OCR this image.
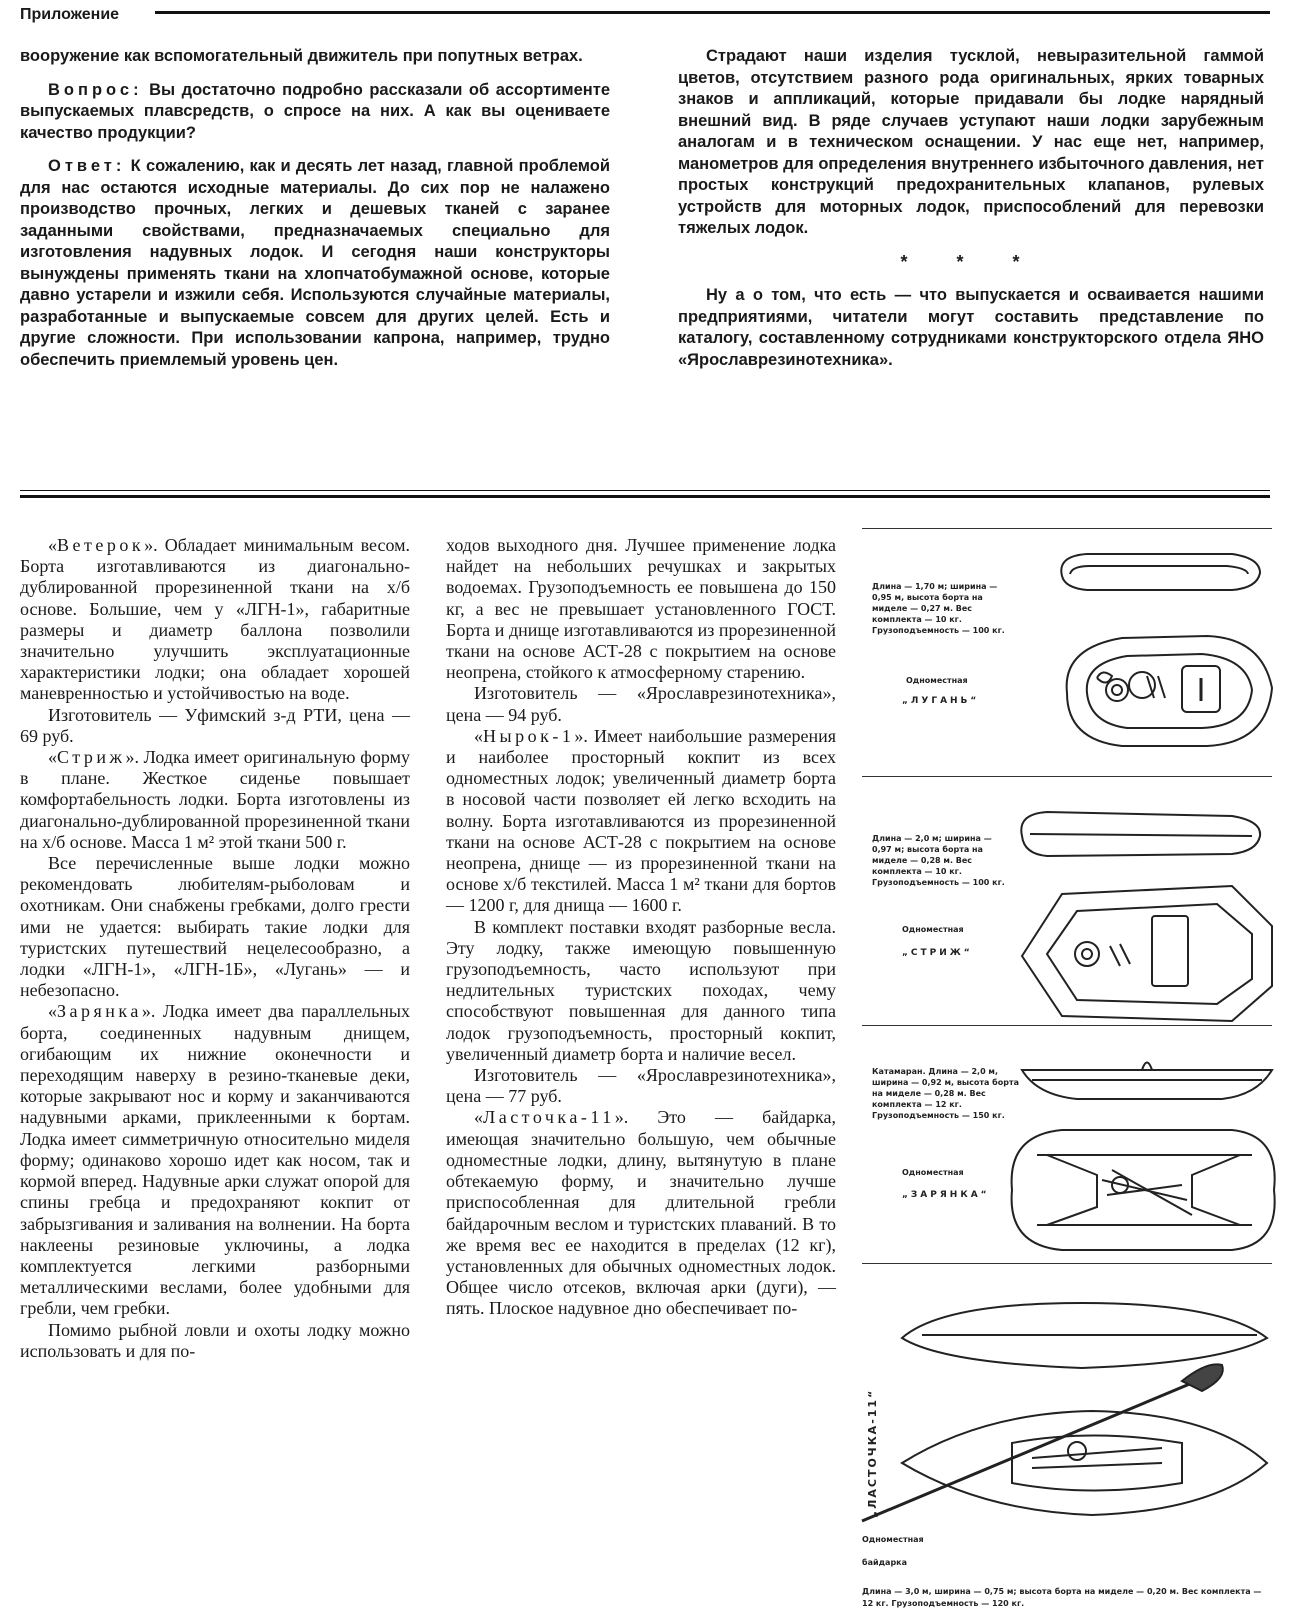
Приложение

вооружение как вспомогательный движитель при попутных ветрах.

Вопрос: Вы достаточно подробно рассказали об ассортименте выпускаемых плавсредств, о спросе на них. А как вы оцениваете качество продукции?

Ответ: К сожалению, как и десять лет назад, главной проблемой для нас остаются исходные материалы. До сих пор не налажено производство прочных, легких и дешевых тканей с заранее заданными свойствами, предназначаемых специально для изготовления надувных лодок. И сегодня наши конструкторы вынуждены применять ткани на хлопчатобумажной основе, которые давно устарели и изжили себя. Используются случайные материалы, разработанные и выпускаемые совсем для других целей. Есть и другие сложности. При использовании капрона, например, трудно обеспечить приемлемый уровень цен.

Страдают наши изделия тусклой, невыразительной гаммой цветов, отсутствием разного рода оригинальных, ярких товарных знаков и аппликаций, которые придавали бы лодке нарядный внешний вид. В ряде случаев уступают наши лодки зарубежным аналогам и в техническом оснащении. У нас еще нет, например, манометров для определения внутреннего избыточного давления, нет простых конструкций предохранительных клапанов, рулевых устройств для моторных лодок, приспособлений для перевозки тяжелых лодок.

* * *

Ну а о том, что есть — что выпускается и осваивается нашими предприятиями, читатели могут составить представление по каталогу, составленному сотрудниками конструкторского отдела ЯНО «Ярославрезинотехника».

«Ветерок». Обладает минимальным весом. Борта изготавливаются из диагонально-дублированной прорезиненной ткани на х/б основе. Большие, чем у «ЛГН-1», габаритные размеры и диаметр баллона позволили значительно улучшить эксплуатационные характеристики лодки; она обладает хорошей маневренностью и устойчивостью на воде.

Изготовитель — Уфимский з-д РТИ, цена — 69 руб.

«Стриж». Лодка имеет оригинальную форму в плане. Жесткое сиденье повышает комфортабельность лодки. Борта изготовлены из диагонально-дублированной прорезиненной ткани на х/б основе. Масса 1 м² этой ткани 500 г.

Все перечисленные выше лодки можно рекомендовать любителям-рыболовам и охотникам. Они снабжены гребками, долго грести ими не удается: выбирать такие лодки для туристских путешествий нецелесообразно, а лодки «ЛГН-1», «ЛГН-1Б», «Лугань» — и небезопасно.

«Зарянка». Лодка имеет два параллельных борта, соединенных надувным днищем, огибающим их нижние оконечности и переходящим наверху в резино-тканевые деки, которые закрывают нос и корму и заканчиваются надувными арками, приклеенными к бортам. Лодка имеет симметричную относительно миделя форму; одинаково хорошо идет как носом, так и кормой вперед. Надувные арки служат опорой для спины гребца и предохраняют кокпит от забрызгивания и заливания на волнении. На борта наклеены резиновые уключины, а лодка комплектуется легкими разборными металлическими веслами, более удобными для гребли, чем гребки.

Помимо рыбной ловли и охоты лодку можно использовать и для по-

ходов выходного дня. Лучшее применение лодка найдет на небольших речушках и закрытых водоемах. Грузоподъемность ее повышена до 150 кг, а вес не превышает установленного ГОСТ. Борта и днище изготавливаются из прорезиненной ткани на основе АСТ-28 с покрытием на основе неопрена, стойкого к атмосферному старению.

Изготовитель — «Ярославрезинотехника», цена — 94 руб.

«Нырок-1». Имеет наибольшие размерения и наиболее просторный кокпит из всех одноместных лодок; увеличенный диаметр борта в носовой части позволяет ей легко всходить на волну. Борта изготавливаются из прорезиненной ткани на основе АСТ-28 с покрытием на основе неопрена, днище — из прорезиненной ткани на основе х/б текстилей. Масса 1 м² ткани для бортов — 1200 г, для днища — 1600 г.

В комплект поставки входят разборные весла. Эту лодку, также имеющую повышенную грузоподъемность, часто используют при недлительных туристских походах, чему способствуют повышенная для данного типа лодок грузоподъемность, просторный кокпит, увеличенный диаметр борта и наличие весел.

Изготовитель — «Ярославрезинотехника», цена — 77 руб.

«Ласточка-11». Это — байдарка, имеющая значительно большую, чем обычные одноместные лодки, длину, вытянутую в плане обтекаемую форму, и значительно лучше приспособленная для длительной гребли байдарочным веслом и туристских плаваний. В то же время вес ее находится в пределах (12 кг), установленных для обычных одноместных лодок. Общее число отсеков, включая арки (дуги), — пять. Плоское надувное дно обеспечивает по-

Длина — 1,70 м; ширина — 0,95 м, высота борта на миделе — 0,27 м. Вес комплекта — 10 кг. Грузоподъемность — 100 кг.
Одноместная
„ЛУГАНЬ“
Длина — 2,0 м; ширина — 0,97 м; высота борта на миделе — 0,28 м. Вес комплекта — 10 кг. Грузоподъемность — 100 кг.
Одноместная
„СТРИЖ“
Катамаран. Длина — 2,0 м, ширина — 0,92 м, высота борта на миделе — 0,28 м. Вес комплекта — 12 кг. Грузоподъемность — 150 кг.
Одноместная
„ЗАРЯНКА“
„ЛАСТОЧКА-11“
Одноместная
байдарка
Длина — 3,0 м, ширина — 0,75 м; высота борта на миделе — 0,20 м. Вес комплекта — 12 кг. Грузоподъемность — 120 кг.
